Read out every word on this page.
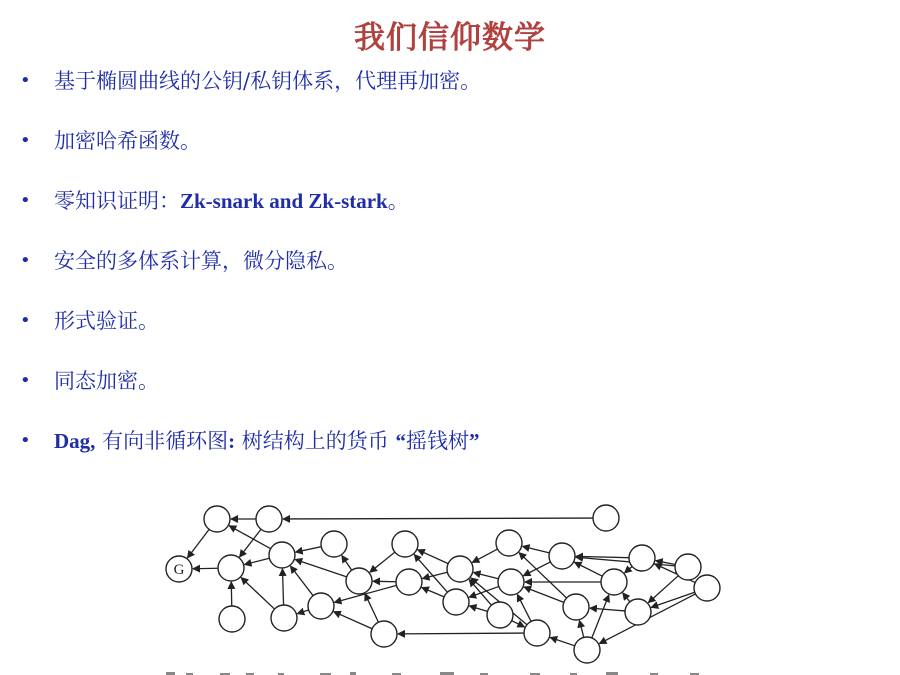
我们信仰数学
• 基于椭圆曲线的公钥/私钥体系，代理再加密。
• 加密哈希函数。
• 零知识证明：Zk-snark and Zk-stark。
• 安全的多体系计算，微分隐私。
• 形式验证。
• 同态加密。
• Dag, 有向非循环图: 树结构上的货币 “摇钱树”
G
